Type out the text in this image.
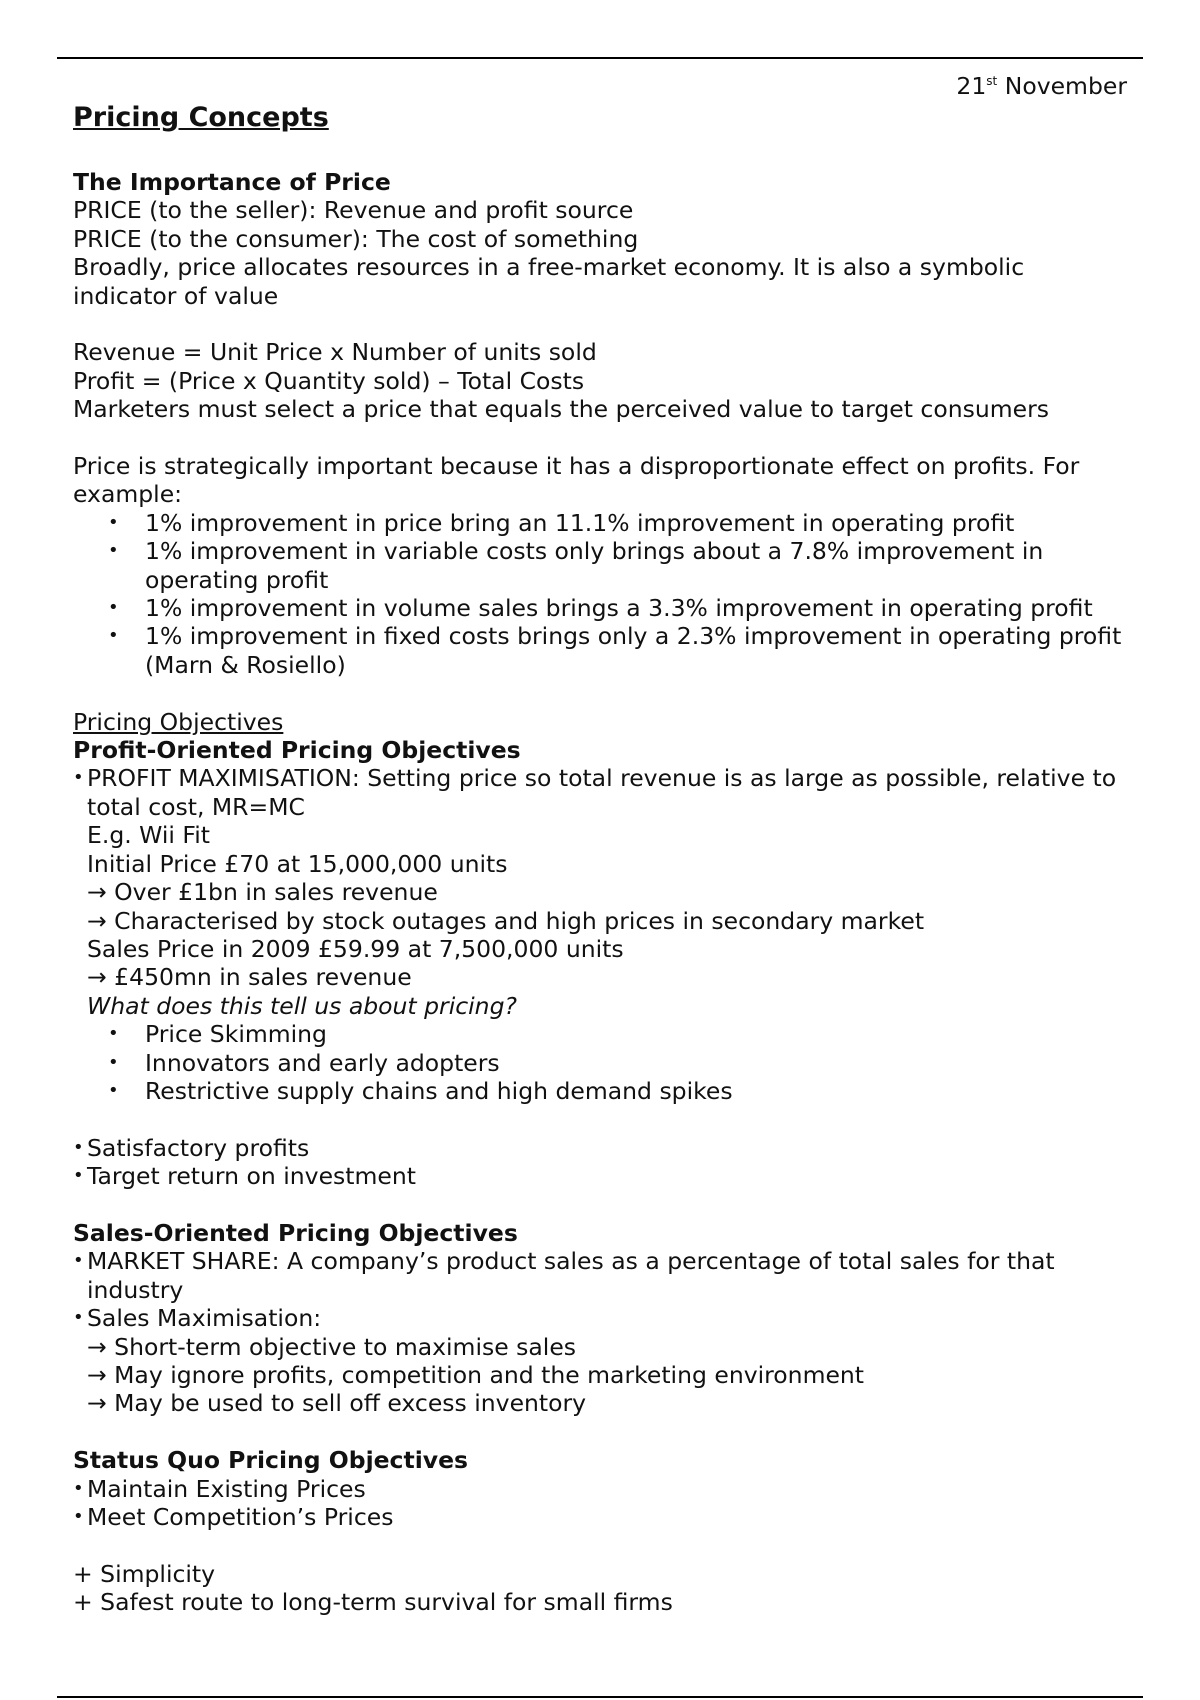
21st November
Pricing Concepts

The Importance of Price

PRICE (to the seller): Revenue and profit source

PRICE (to the consumer): The cost of something

Broadly, price allocates resources in a free-market economy. It is also a symbolic indicator of value

Revenue = Unit Price x Number of units sold

Profit = (Price x Quantity sold) – Total Costs

Marketers must select a price that equals the perceived value to target consumers

Price is strategically important because it has a disproportionate effect on profits. For example:

• 1% improvement in price bring an 11.1% improvement in operating profit
• 1% improvement in variable costs only brings about a 7.8% improvement in operating profit
• 1% improvement in volume sales brings a 3.3% improvement in operating profit
• 1% improvement in fixed costs brings only a 2.3% improvement in operating profit (Marn & Rosiello)

Pricing Objectives

Profit-Oriented Pricing Objectives

• PROFIT MAXIMISATION: Setting price so total revenue is as large as possible, relative to total cost, MR=MC

E.g. Wii Fit

Initial Price £70 at 15,000,000 units

→ Over £1bn in sales revenue

→ Characterised by stock outages and high prices in secondary market

Sales Price in 2009 £59.99 at 7,500,000 units

→ £450mn in sales revenue

What does this tell us about pricing?

• Price Skimming
• Innovators and early adopters
• Restrictive supply chains and high demand spikes
• Satisfactory profits
• Target return on investment

Sales-Oriented Pricing Objectives

• MARKET SHARE: A company’s product sales as a percentage of total sales for that industry
• Sales Maximisation:

→ Short-term objective to maximise sales

→ May ignore profits, competition and the marketing environment

→ May be used to sell off excess inventory

Status Quo Pricing Objectives

• Maintain Existing Prices
• Meet Competition’s Prices

+ Simplicity

+ Safest route to long-term survival for small firms
